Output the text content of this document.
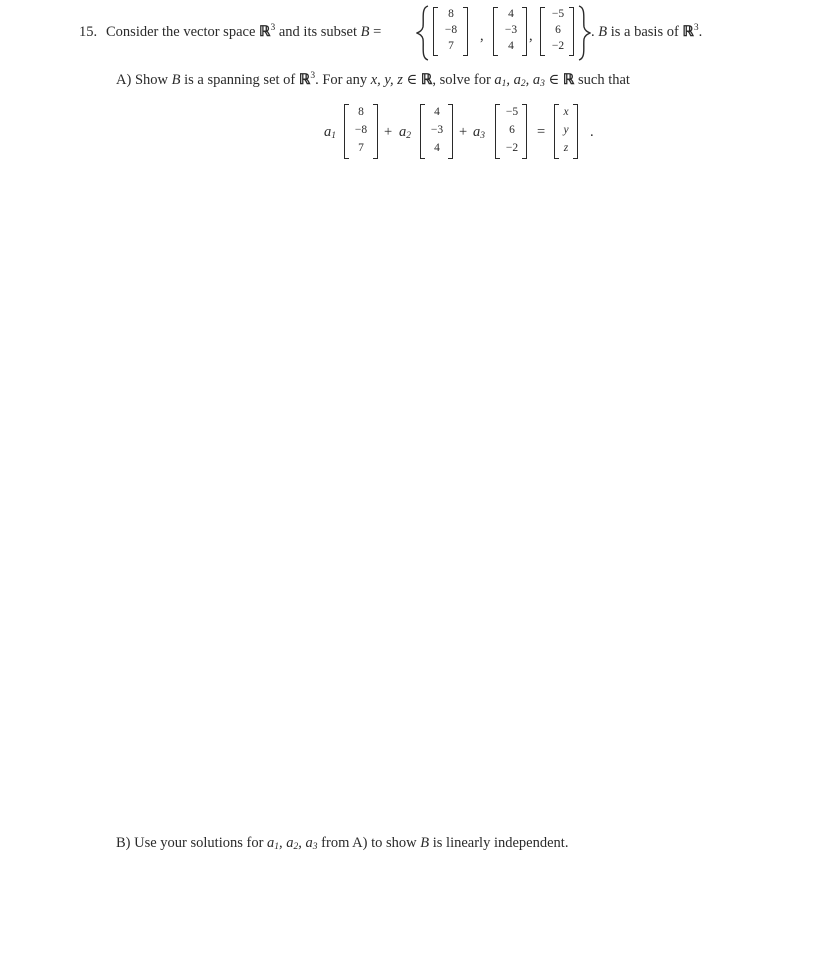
15. Consider the vector space ℝ$^3$ and its subset B =
8
−8
7
,
4
−3
4
,
−5
6
−2
. B is a basis of ℝ$^3$.
A) Show B is a spanning set of ℝ$^3$. For any x, y, z ∈ ℝ, solve for $a_1$, $a_2$, $a_3$ ∈ ℝ such that
$a_1$
8
−8
7
+ $a_2$
4
−3
4
+ $a_3$
−5
6
−2
=
x
y
z
.
B) Use your solutions for $a_1$, $a_2$, $a_3$ from A) to show B is linearly independent.
